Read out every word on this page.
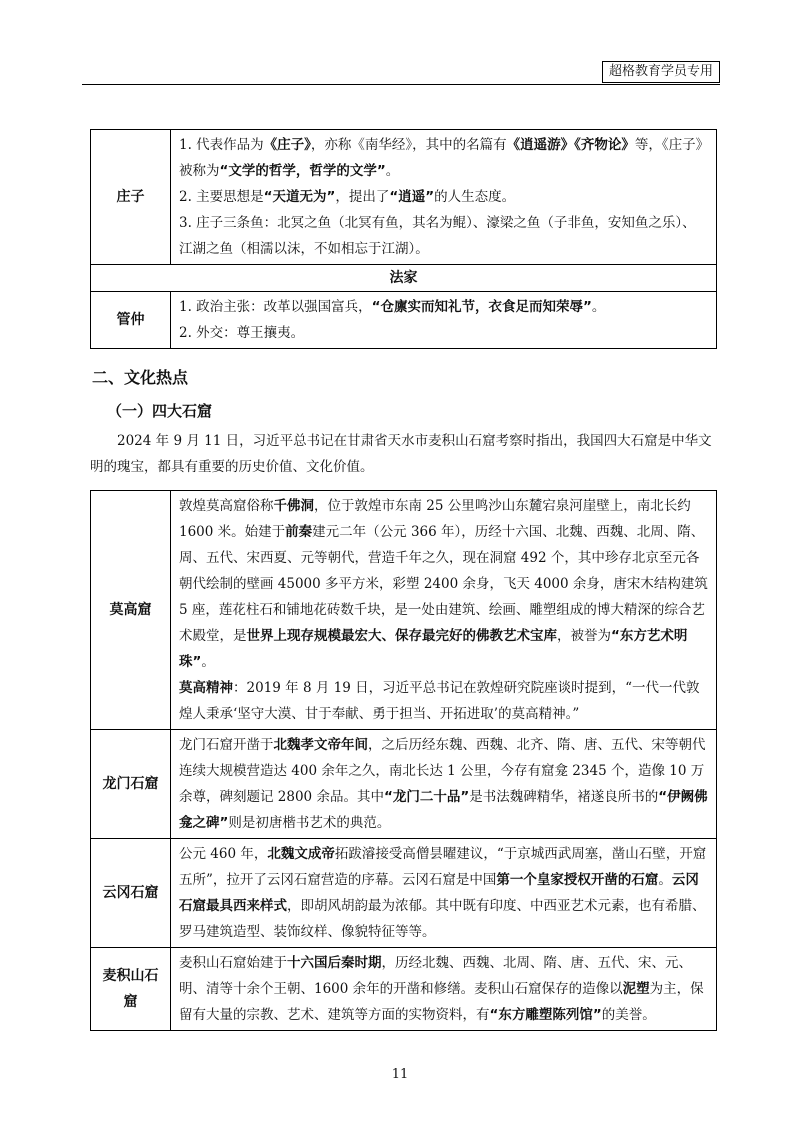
超格教育学员专用
庄子	1. 代表作品为《庄子》，亦称《南华经》，其中的名篇有《逍遥游》《齐物论》等，《庄子》被称为“文学的哲学，哲学的文学”。

2. 主要思想是“天道无为”，提出了“逍遥”的人生态度。

3. 庄子三条鱼：北冥之鱼（北冥有鱼，其名为鲲）、濠梁之鱼（子非鱼，安知鱼之乐）、江湖之鱼（相濡以沫，不如相忘于江湖）。

法家	
管仲	1. 政治主张：改革以强国富兵，“仓廪实而知礼节，衣食足而知荣辱”。

2. 外交：尊王攘夷。

二、文化热点
（一）四大石窟
2024 年 9 月 11 日，习近平总书记在甘肃省天水市麦积山石窟考察时指出，我国四大石窟是中华文明的瑰宝，都具有重要的历史价值、文化价值。
莫高窟	敦煌莫高窟俗称千佛洞，位于敦煌市东南 25 公里鸣沙山东麓宕泉河崖壁上，南北长约 1600 米。始建于前秦建元二年（公元 366 年），历经十六国、北魏、西魏、北周、隋、周、五代、宋西夏、元等朝代，营造千年之久，现在洞窟 492 个，其中珍存北京至元各朝代绘制的壁画 45000 多平方米，彩塑 2400 余身，飞天 4000 余身，唐宋木结构建筑 5 座，莲花柱石和铺地花砖数千块，是一处由建筑、绘画、雕塑组成的博大精深的综合艺术殿堂，是世界上现存规模最宏大、保存最完好的佛教艺术宝库，被誉为“东方艺术明珠”。

莫高精神：2019 年 8 月 19 日，习近平总书记在敦煌研究院座谈时提到，“一代一代敦煌人秉承‘坚守大漠、甘于奉献、勇于担当、开拓进取’的莫高精神。”

龙门石窟	龙门石窟开凿于北魏孝文帝年间，之后历经东魏、西魏、北齐、隋、唐、五代、宋等朝代连续大规模营造达 400 余年之久，南北长达 1 公里，今存有窟龛 2345 个，造像 10 万余尊，碑刻题记 2800 余品。其中“龙门二十品”是书法魏碑精华，褚遂良所书的“伊阙佛龛之碑”则是初唐楷书艺术的典范。

云冈石窟	公元 460 年，北魏文成帝拓跋濬接受高僧昙曜建议，“于京城西武周塞，凿山石壁，开窟五所”，拉开了云冈石窟营造的序幕。云冈石窟是中国第一个皇家授权开凿的石窟。云冈石窟最具西来样式，即胡风胡韵最为浓郁。其中既有印度、中西亚艺术元素，也有希腊、罗马建筑造型、装饰纹样、像貌特征等等。

麦积山石窟	麦积山石窟始建于十六国后秦时期，历经北魏、西魏、北周、隋、唐、五代、宋、元、明、清等十余个王朝、1600 余年的开凿和修缮。麦积山石窟保存的造像以泥塑为主，保留有大量的宗教、艺术、建筑等方面的实物资料，有“东方雕塑陈列馆”的美誉。

11
